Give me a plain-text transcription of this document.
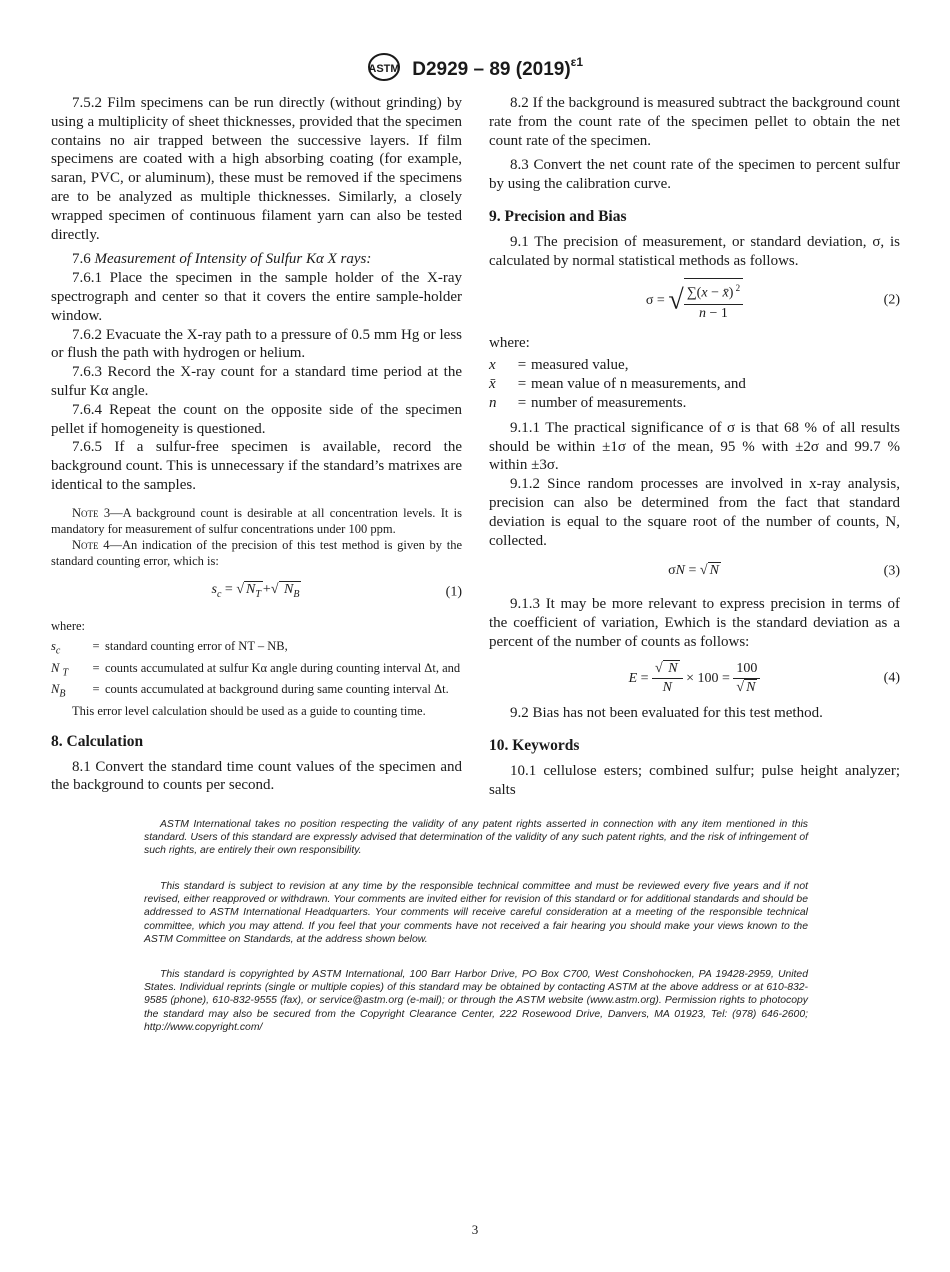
ASTM D2929 – 89 $(2019)^{\varepsilon 1}$

7.5.2 Film specimens can be run directly (without grinding) by using a multiplicity of sheet thicknesses, provided that the specimen contains no air trapped between the successive layers. If film specimens are coated with a high absorbing coating (for example, saran, PVC, or aluminum), these must be removed if the specimens are to be analyzed as multiple thicknesses. Similarly, a closely wrapped specimen of continuous filament yarn can also be tested directly.

7.6 Measurement of Intensity of Sulfur Kα X rays:

7.6.1 Place the specimen in the sample holder of the X-ray spectrograph and center so that it covers the entire sample-holder window.

7.6.2 Evacuate the X-ray path to a pressure of 0.5 mm Hg or less or flush the path with hydrogen or helium.

7.6.3 Record the X-ray count for a standard time period at the sulfur Kα angle.

7.6.4 Repeat the count on the opposite side of the specimen pellet if homogeneity is questioned.

7.6.5 If a sulfur-free specimen is available, record the background count. This is unnecessary if the standard’s matrixes are identical to the samples.

Note 3—A background count is desirable at all concentration levels. It is mandatory for measurement of sulfur concentrations under 100 ppm.

Note 4—An indication of the precision of this test method is given by the standard counting error, which is:

$s_c$ = √ $N_T$ +√ $N_B$	(1)

where:

$s_c$	=	standard counting error of NT – NB,
N $_T$	=	counts accumulated at sulfur Kα angle during counting interval Δt, and
$N_B$	=	counts accumulated at background during same counting interval Δt.

This error level calculation should be used as a guide to counting time.

8. Calculation

8.1 Convert the standard time count values of the specimen and the background to counts per second.

8.2 If the background is measured subtract the background count rate from the count rate of the specimen pellet to obtain the net count rate of the specimen.

8.3 Convert the net count rate of the specimen to percent sulfur by using the calibration curve.

9. Precision and Bias

9.1 The precision of measurement, or standard deviation, σ, is calculated by normal statistical methods as follows.

σ = √ $\frac{\sum(x - x̄) ^2}{n - 1}$	(2)

where:

x	=	measured value,
x̄	=	mean value of n measurements, and
n	=	number of measurements.

9.1.1 The practical significance of σ is that 68 % of all results should be within ±1σ of the mean, 95 % with ±2σ and 99.7 % within ±3σ.

9.1.2 Since random processes are involved in x-ray analysis, precision can also be determined from the fact that standard deviation is equal to the square root of the number of counts, N, collected.

σN = √ N	(3)

9.1.3 It may be more relevant to express precision in terms of the coefficient of variation, Ewhich is the standard deviation as a percent of the number of counts as follows:

$E = \frac{√ N}{N} \times 100 = \frac{100}{√ N}$	(4)

9.2 Bias has not been evaluated for this test method.

10. Keywords

10.1 cellulose esters; combined sulfur; pulse height analyzer; salts

ASTM International takes no position respecting the validity of any patent rights asserted in connection with any item mentioned in this standard. Users of this standard are expressly advised that determination of the validity of any such patent rights, and the risk of infringement of such rights, are entirely their own responsibility.

This standard is subject to revision at any time by the responsible technical committee and must be reviewed every five years and if not revised, either reapproved or withdrawn. Your comments are invited either for revision of this standard or for additional standards and should be addressed to ASTM International Headquarters. Your comments will receive careful consideration at a meeting of the responsible technical committee, which you may attend. If you feel that your comments have not received a fair hearing you should make your views known to the ASTM Committee on Standards, at the address shown below.

This standard is copyrighted by ASTM International, 100 Barr Harbor Drive, PO Box C700, West Conshohocken, PA 19428-2959, United States. Individual reprints (single or multiple copies) of this standard may be obtained by contacting ASTM at the above address or at 610-832-9585 (phone), 610-832-9555 (fax), or service@astm.org (e-mail); or through the ASTM website (www.astm.org). Permission rights to photocopy the standard may also be secured from the Copyright Clearance Center, 222 Rosewood Drive, Danvers, MA 01923, Tel: (978) 646-2600; http://www.copyright.com/

3
